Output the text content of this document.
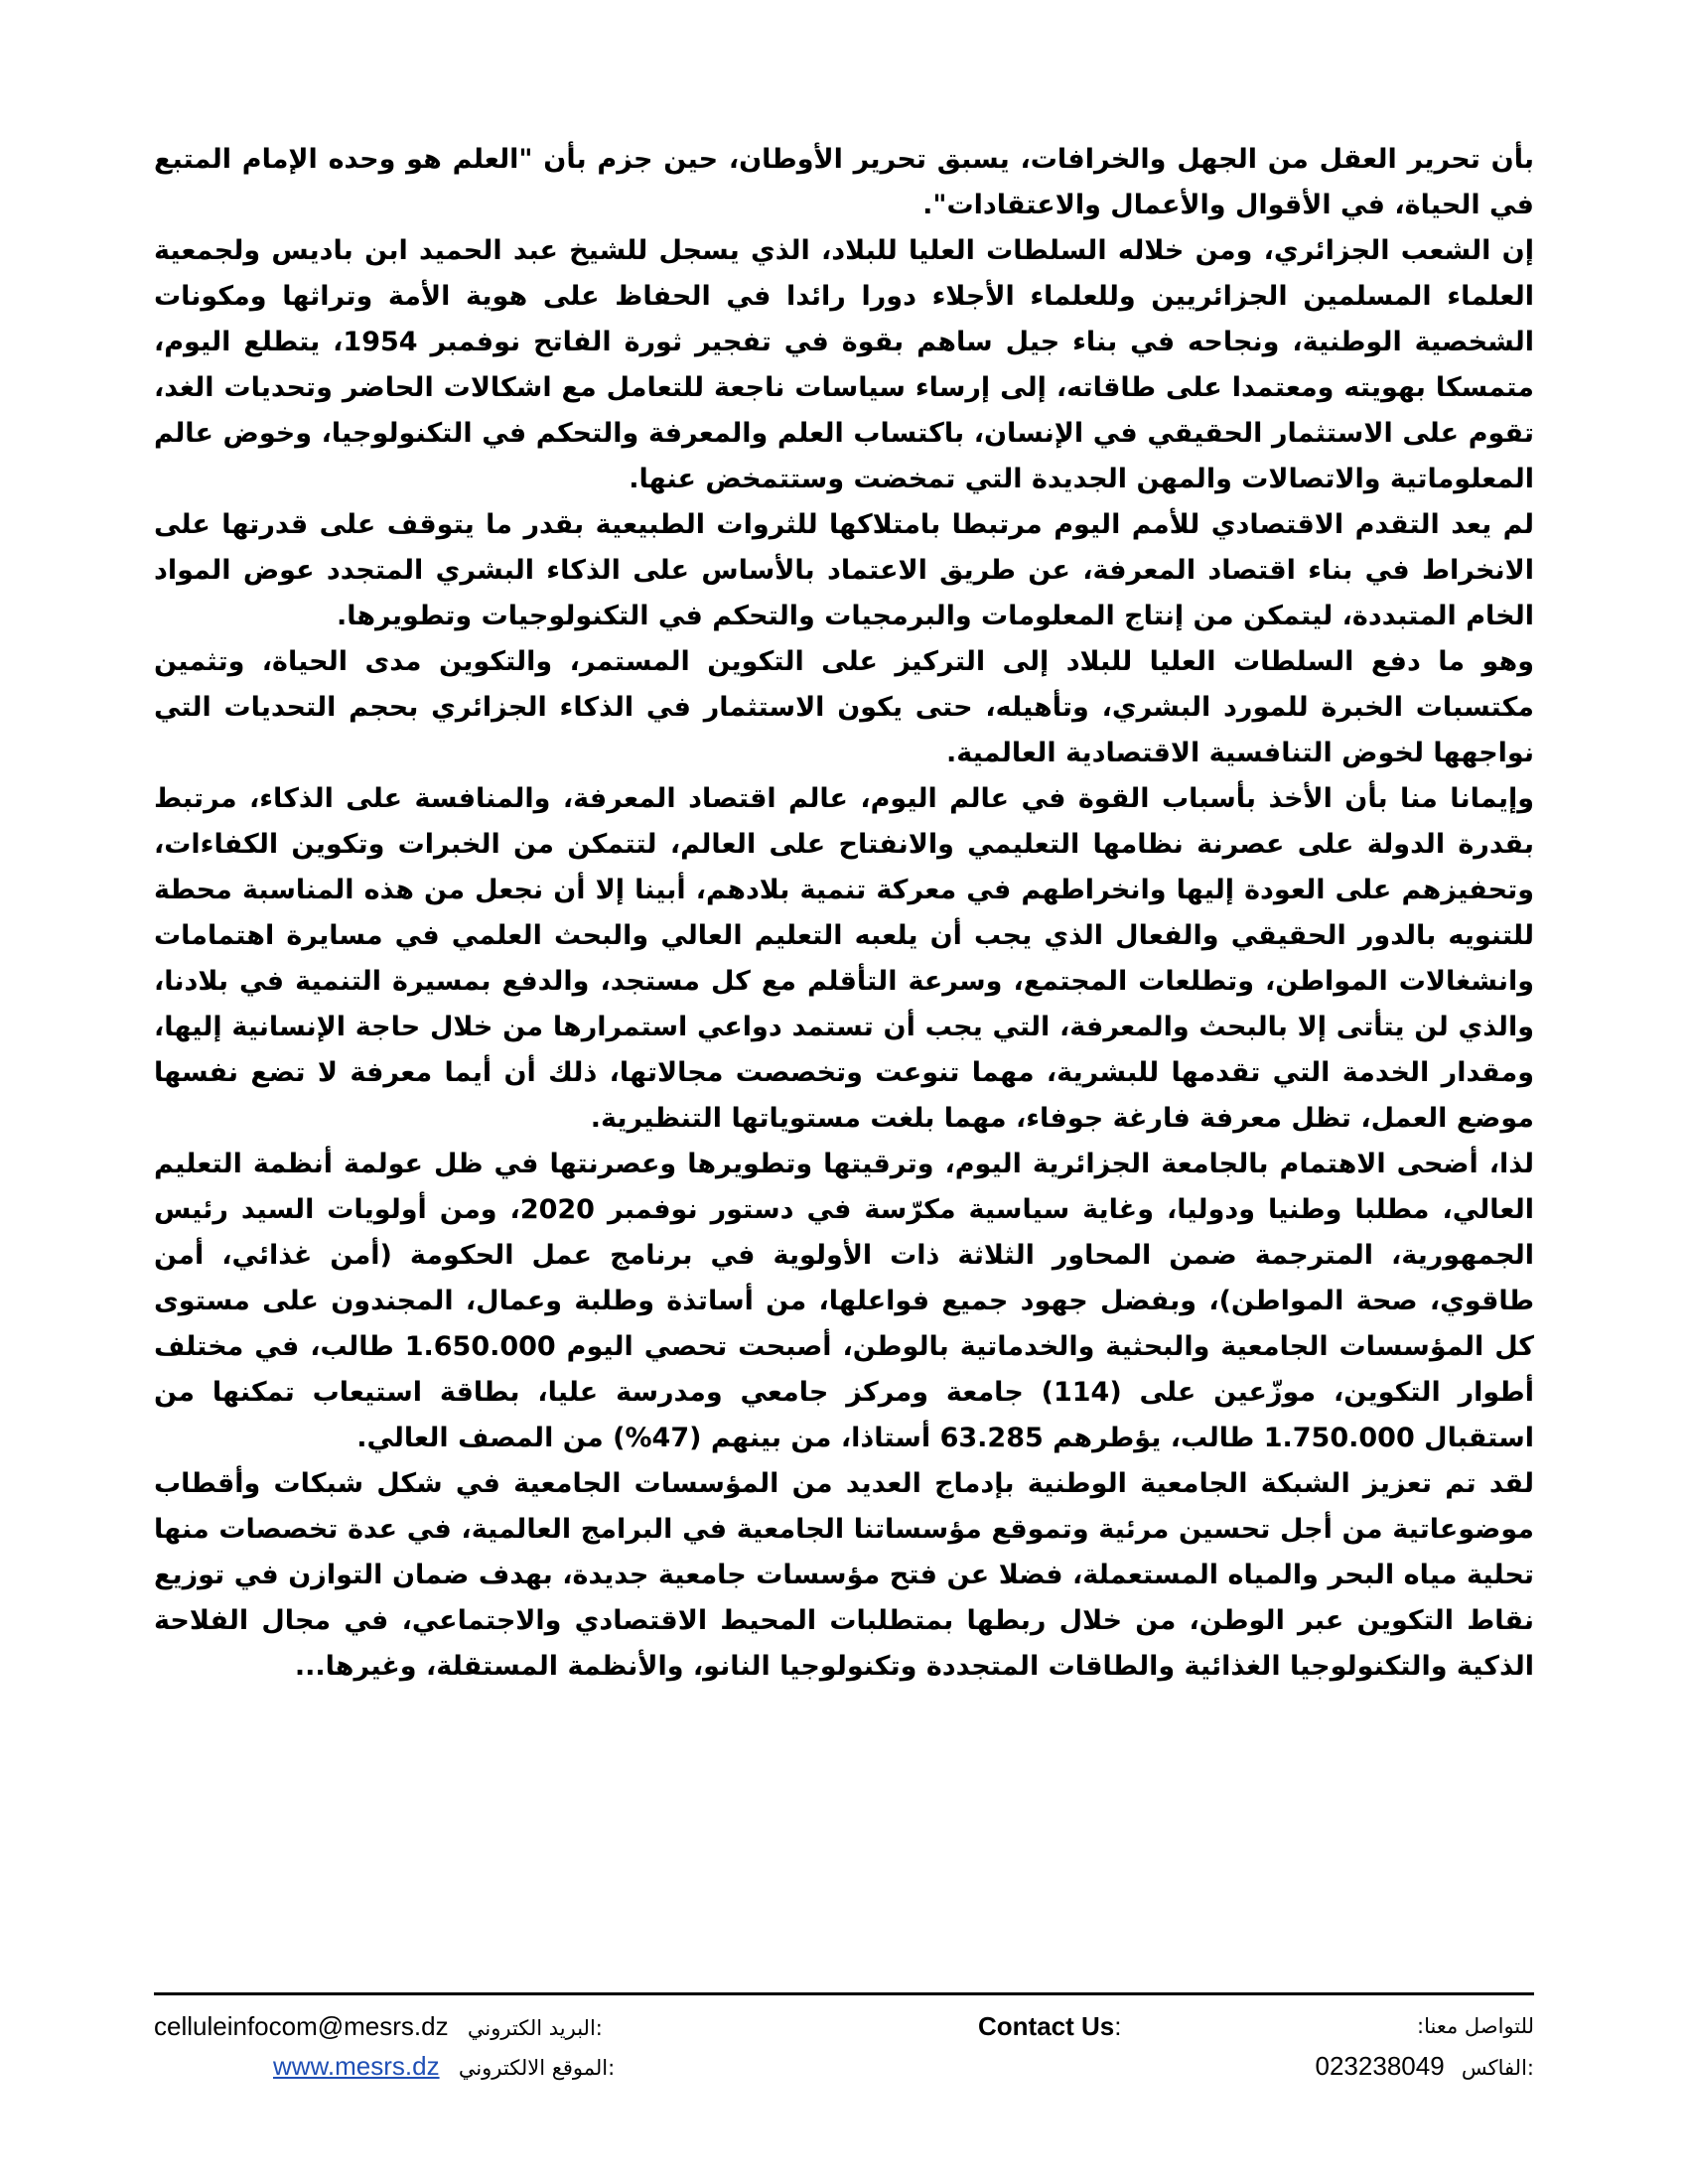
بأن تحرير العقل من الجهل والخرافات، يسبق تحرير الأوطان، حين جزم بأن "العلم هو وحده الإمام المتبع في الحياة، في الأقوال والأعمال والاعتقادات".

إن الشعب الجزائري، ومن خلاله السلطات العليا للبلاد، الذي يسجل للشيخ عبد الحميد ابن باديس ولجمعية العلماء المسلمين الجزائريين وللعلماء الأجلاء دورا رائدا في الحفاظ على هوية الأمة وتراثها ومكونات الشخصية الوطنية، ونجاحه في بناء جيل ساهم بقوة في تفجير ثورة الفاتح نوفمبر 1954، يتطلع اليوم، متمسكا بهويته ومعتمدا على طاقاته، إلى إرساء سياسات ناجعة للتعامل مع اشكالات الحاضر وتحديات الغد، تقوم على الاستثمار الحقيقي في الإنسان، باكتساب العلم والمعرفة والتحكم في التكنولوجيا، وخوض عالم المعلوماتية والاتصالات والمهن الجديدة التي تمخضت وستتمخض عنها.

لم يعد التقدم الاقتصادي للأمم اليوم مرتبطا بامتلاكها للثروات الطبيعية بقدر ما يتوقف على قدرتها على الانخراط في بناء اقتصاد المعرفة، عن طريق الاعتماد بالأساس على الذكاء البشري المتجدد عوض المواد الخام المتبددة، ليتمكن من إنتاج المعلومات والبرمجيات والتحكم في التكنولوجيات وتطويرها.

وهو ما دفع السلطات العليا للبلاد إلى التركيز على التكوين المستمر، والتكوين مدى الحياة، وتثمين مكتسبات الخبرة للمورد البشري، وتأهيله، حتى يكون الاستثمار في الذكاء الجزائري بحجم التحديات التي نواجهها لخوض التنافسية الاقتصادية العالمية.

وإيمانا منا بأن الأخذ بأسباب القوة في عالم اليوم، عالم اقتصاد المعرفة، والمنافسة على الذكاء، مرتبط بقدرة الدولة على عصرنة نظامها التعليمي والانفتاح على العالم، لتتمكن من الخبرات وتكوين الكفاءات، وتحفيزهم على العودة إليها وانخراطهم في معركة تنمية بلادهم، أبينا إلا أن نجعل من هذه المناسبة محطة للتنويه بالدور الحقيقي والفعال الذي يجب أن يلعبه التعليم العالي والبحث العلمي في مسايرة اهتمامات وانشغالات المواطن، وتطلعات المجتمع، وسرعة التأقلم مع كل مستجد، والدفع بمسيرة التنمية في بلادنا، والذي لن يتأتى إلا بالبحث والمعرفة، التي يجب أن تستمد دواعي استمرارها من خلال حاجة الإنسانية إليها، ومقدار الخدمة التي تقدمها للبشرية، مهما تنوعت وتخصصت مجالاتها، ذلك أن أيما معرفة لا تضع نفسها موضع العمل، تظل معرفة فارغة جوفاء، مهما بلغت مستوياتها التنظيرية.

لذا، أضحى الاهتمام بالجامعة الجزائرية اليوم، وترقيتها وتطويرها وعصرنتها في ظل عولمة أنظمة التعليم العالي، مطلبا وطنيا ودوليا، وغاية سياسية مكرّسة في دستور نوفمبر 2020، ومن أولويات السيد رئيس الجمهورية، المترجمة ضمن المحاور الثلاثة ذات الأولوية في برنامج عمل الحكومة (أمن غذائي، أمن طاقوي، صحة المواطن)، وبفضل جهود جميع فواعلها، من أساتذة وطلبة وعمال، المجندون على مستوى كل المؤسسات الجامعية والبحثية والخدماتية بالوطن، أصبحت تحصي اليوم 1.650.000 طالب، في مختلف أطوار التكوين، موزّعين على (114) جامعة ومركز جامعي ومدرسة عليا، بطاقة استيعاب تمكنها من استقبال 1.750.000 طالب، يؤطرهم 63.285 أستاذا، من بينهم (47%) من المصف العالي.

لقد تم تعزيز الشبكة الجامعية الوطنية بإدماج العديد من المؤسسات الجامعية في شكل شبكات وأقطاب موضوعاتية من أجل تحسين مرئية وتموقع مؤسساتنا الجامعية في البرامج العالمية، في عدة تخصصات منها تحلية مياه البحر والمياه المستعملة، فضلا عن فتح مؤسسات جامعية جديدة، بهدف ضمان التوازن في توزيع نقاط التكوين عبر الوطن، من خلال ربطها بمتطلبات المحيط الاقتصادي والاجتماعي، في مجال الفلاحة الذكية والتكنولوجيا الغذائية والطاقات المتجددة وتكنولوجيا النانو، والأنظمة المستقلة، وغيرها...

celluleinfocom@mesrs.dz البريد الكتروني:
www.mesrs.dz الموقع الالكتروني:
Contact Us:	للتواصل معنا:
023238049 الفاكس:
